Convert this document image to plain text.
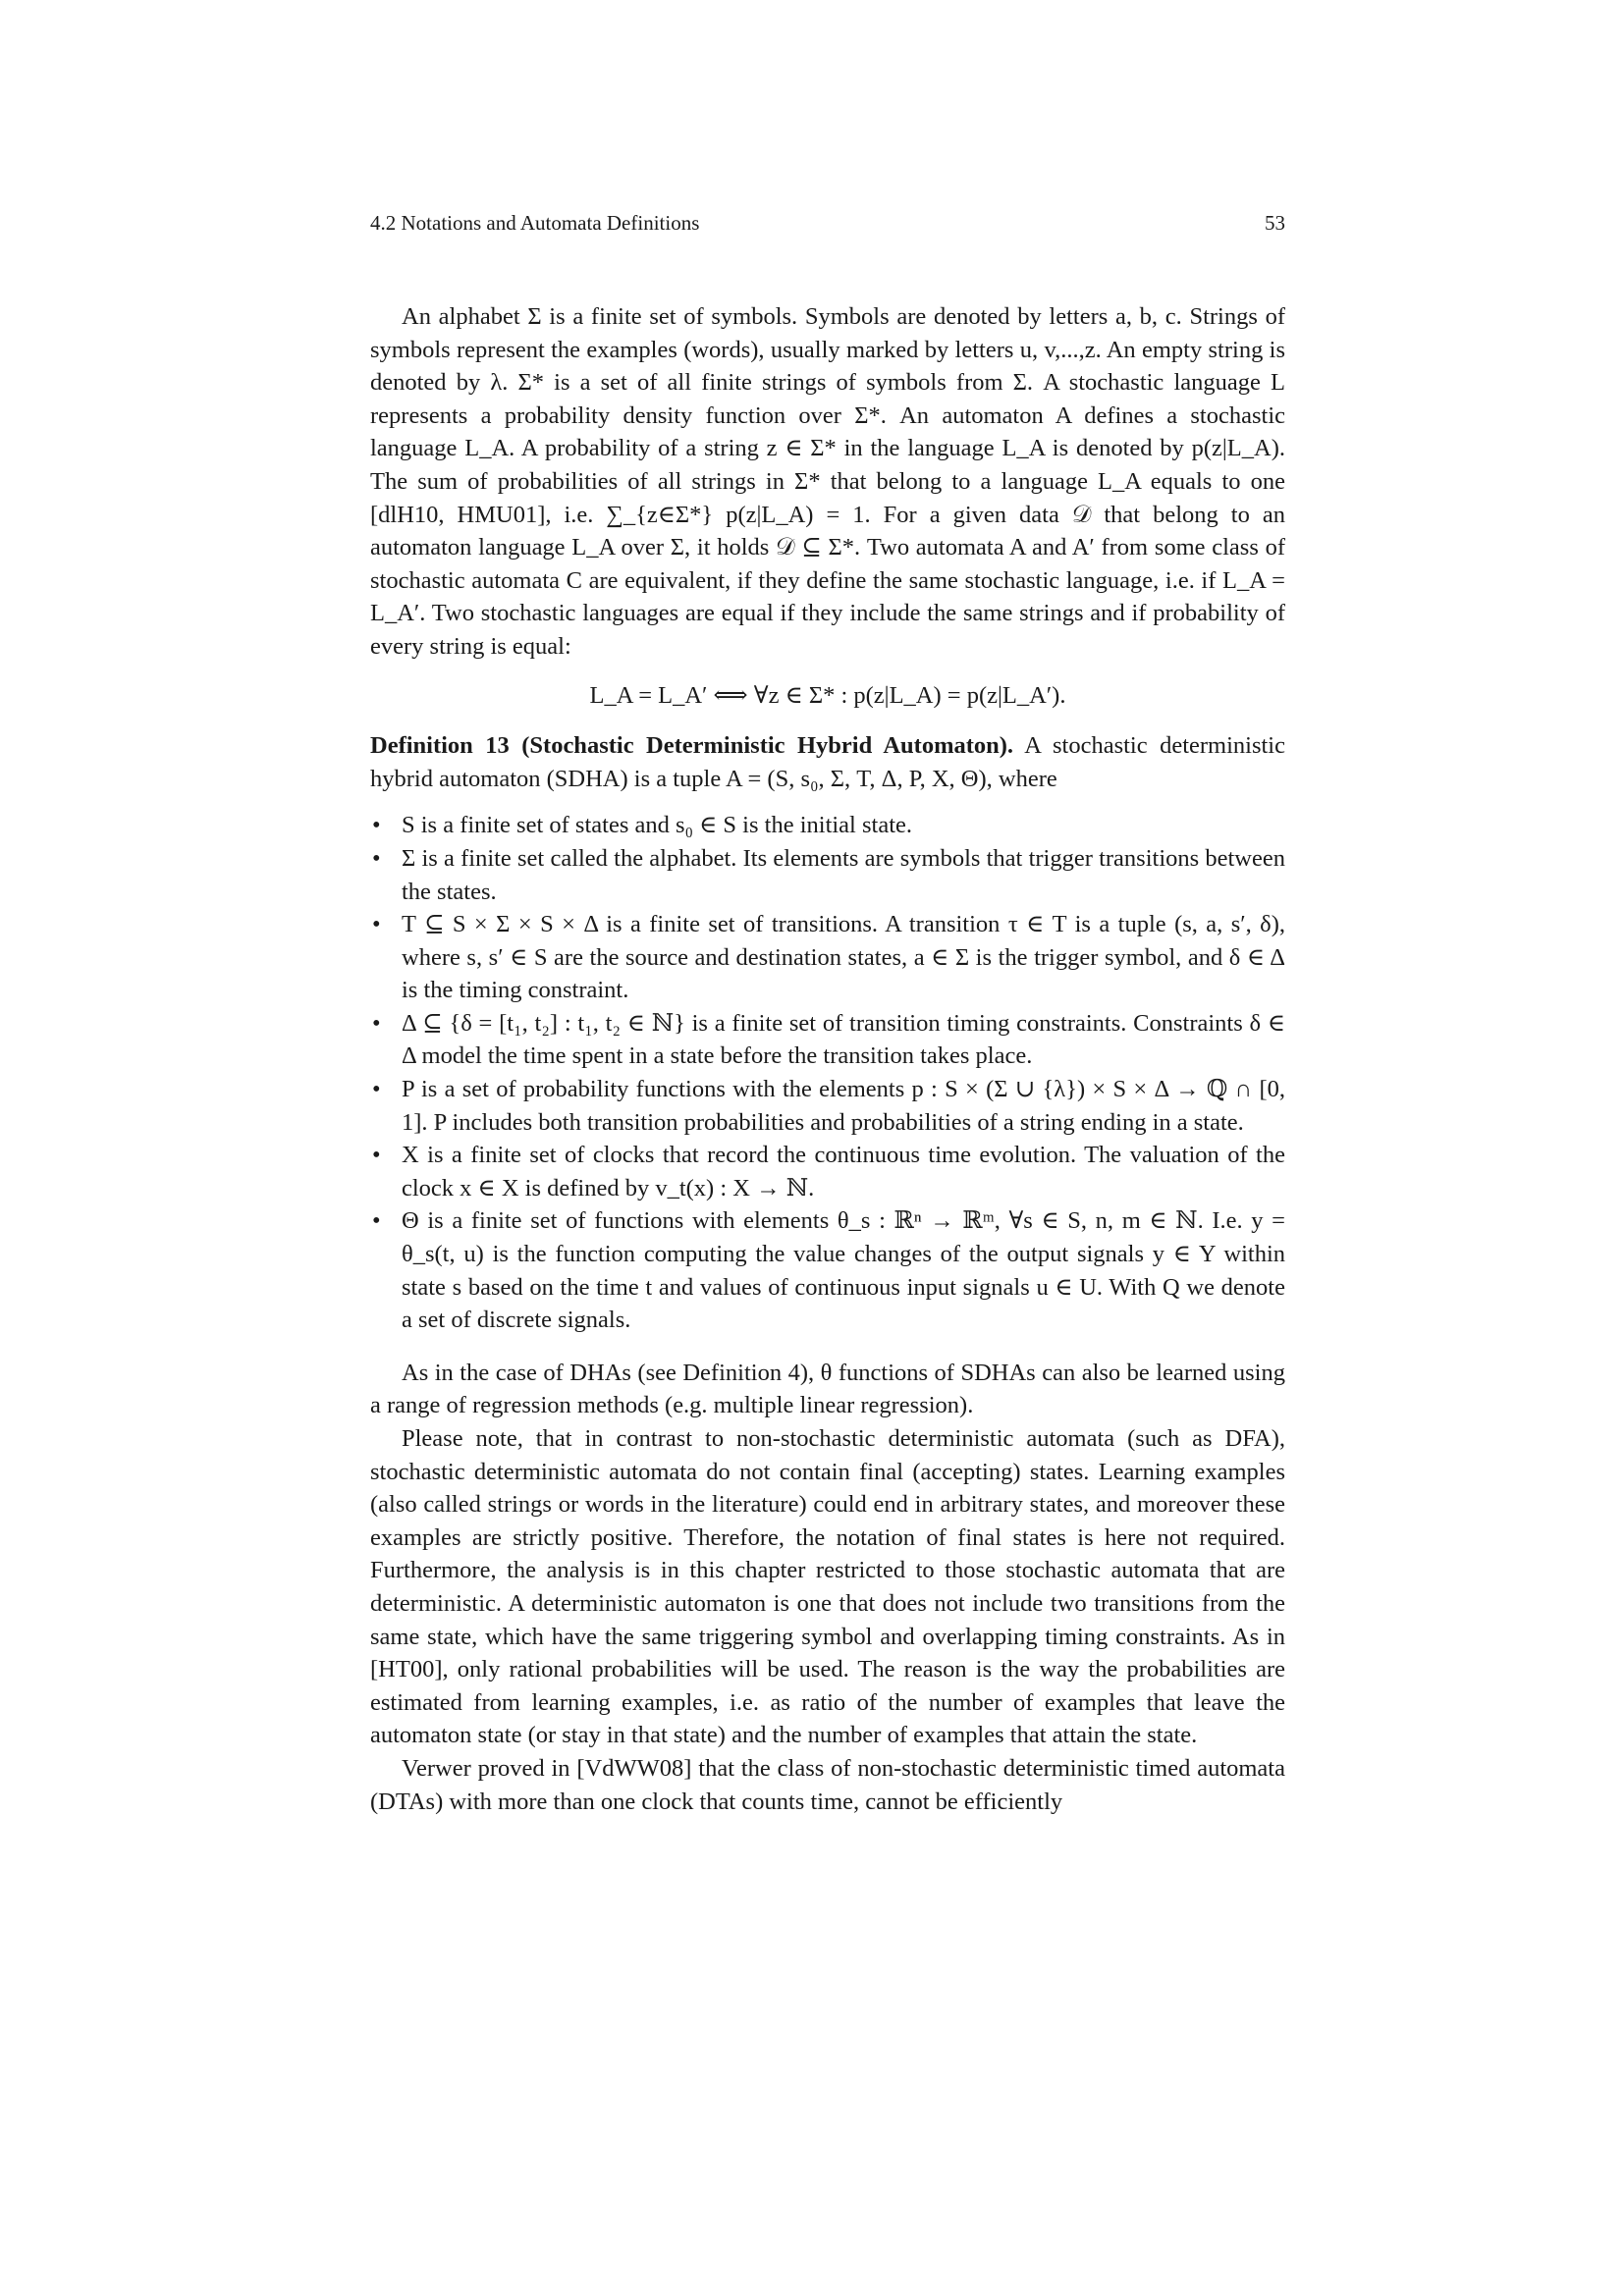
4.2 Notations and Automata Definitions	53

An alphabet Σ is a finite set of symbols. Symbols are denoted by letters a, b, c. Strings of symbols represent the examples (words), usually marked by letters u, v,...,z. An empty string is denoted by λ. Σ* is a set of all finite strings of symbols from Σ. A stochastic language L represents a probability density function over Σ*. An automaton A defines a stochastic language L_A. A probability of a string z ∈ Σ* in the language L_A is denoted by p(z|L_A). The sum of probabilities of all strings in Σ* that belong to a language L_A equals to one [dlH10, HMU01], i.e. ∑_{z∈Σ*} p(z|L_A) = 1. For a given data 𝒟 that belong to an automaton language L_A over Σ, it holds 𝒟 ⊆ Σ*. Two automata A and A′ from some class of stochastic automata C are equivalent, if they define the same stochastic language, i.e. if L_A = L_A′. Two stochastic languages are equal if they include the same strings and if probability of every string is equal:

L_A = L_A′ ⟺ ∀z ∈ Σ* : p(z|L_A) = p(z|L_A′).

Definition 13 (Stochastic Deterministic Hybrid Automaton). A stochastic deterministic hybrid automaton (SDHA) is a tuple A = (S, s₀, Σ, T, Δ, P, X, Θ), where

• S is a finite set of states and s₀ ∈ S is the initial state.
• Σ is a finite set called the alphabet. Its elements are symbols that trigger transitions between the states.
• T ⊆ S × Σ × S × Δ is a finite set of transitions. A transition τ ∈ T is a tuple (s, a, s′, δ), where s, s′ ∈ S are the source and destination states, a ∈ Σ is the trigger symbol, and δ ∈ Δ is the timing constraint.
• Δ ⊆ {δ = [t₁, t₂] : t₁, t₂ ∈ ℕ} is a finite set of transition timing constraints. Constraints δ ∈ Δ model the time spent in a state before the transition takes place.
• P is a set of probability functions with the elements p : S × (Σ ∪ {λ}) × S × Δ → ℚ ∩ [0, 1]. P includes both transition probabilities and probabilities of a string ending in a state.
• X is a finite set of clocks that record the continuous time evolution. The valuation of the clock x ∈ X is defined by v_t(x) : X → ℕ.
• Θ is a finite set of functions with elements θ_s : ℝⁿ → ℝᵐ, ∀s ∈ S, n, m ∈ ℕ. I.e. y = θ_s(t, u) is the function computing the value changes of the output signals y ∈ Y within state s based on the time t and values of continuous input signals u ∈ U. With Q we denote a set of discrete signals.

As in the case of DHAs (see Definition 4), θ functions of SDHAs can also be learned using a range of regression methods (e.g. multiple linear regression).

Please note, that in contrast to non-stochastic deterministic automata (such as DFA), stochastic deterministic automata do not contain final (accepting) states. Learning examples (also called strings or words in the literature) could end in arbitrary states, and moreover these examples are strictly positive. Therefore, the notation of final states is here not required. Furthermore, the analysis is in this chapter restricted to those stochastic automata that are deterministic. A deterministic automaton is one that does not include two transitions from the same state, which have the same triggering symbol and overlapping timing constraints. As in [HT00], only rational probabilities will be used. The reason is the way the probabilities are estimated from learning examples, i.e. as ratio of the number of examples that leave the automaton state (or stay in that state) and the number of examples that attain the state.

Verwer proved in [VdWW08] that the class of non-stochastic deterministic timed automata (DTAs) with more than one clock that counts time, cannot be efficiently
